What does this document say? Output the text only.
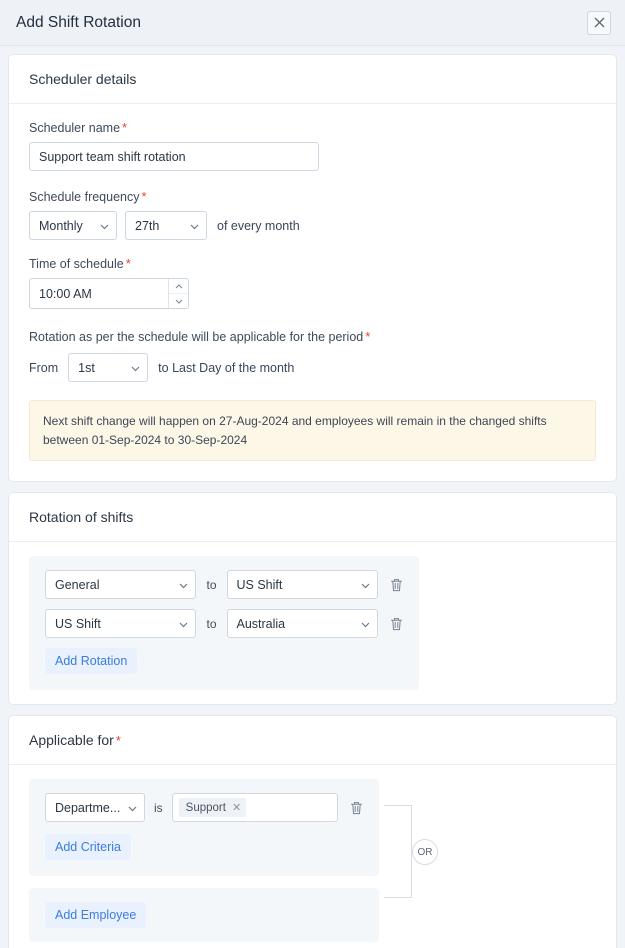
Add Shift Rotation
Scheduler details
Scheduler name *
Support team shift rotation
Schedule frequency *
Monthly	27th	of every month
Time of schedule *
10:00 AM
Rotation as per the schedule will be applicable for the period *
From 1st	to Last Day of the month
Next shift change will happen on 27-Aug-2024 and employees will remain in the changed shifts between 01-Sep-2024 to 30-Sep-2024
Rotation of shifts
General	to US Shift
US Shift	to Australia
Add Rotation
Applicable for *
Departme...	is Support ✕
Add Criteria
Add Employee
OR
